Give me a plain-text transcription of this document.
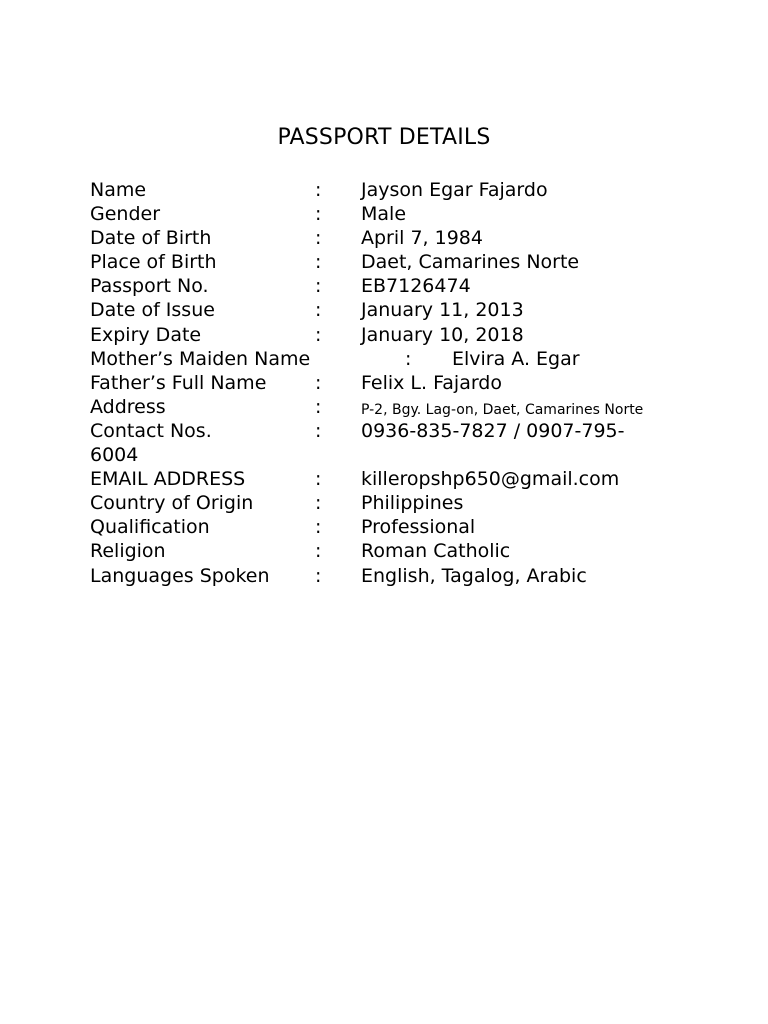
PASSPORT DETAILS
Name	: Jayson Egar Fajardo
Gender	: Male
Date of Birth	: April 7, 1984
Place of Birth	: Daet, Camarines Norte
Passport No.	: EB7126474
Date of Issue	: January 11, 2013
Expiry Date	: January 10, 2018
Mother’s Maiden Name	: Elvira A. Egar
Father’s Full Name	: Felix L. Fajardo
Address	:	P-2, Bgy. Lag-on, Daet, Camarines Norte
Contact Nos.	: 0936-835-7827 / 0907-795-
6004
EMAIL ADDRESS	: killeropshp650@gmail.com
Country of Origin	: Philippines
Qualification	: Professional
Religion	: Roman Catholic
Languages Spoken : English, Tagalog, Arabic
